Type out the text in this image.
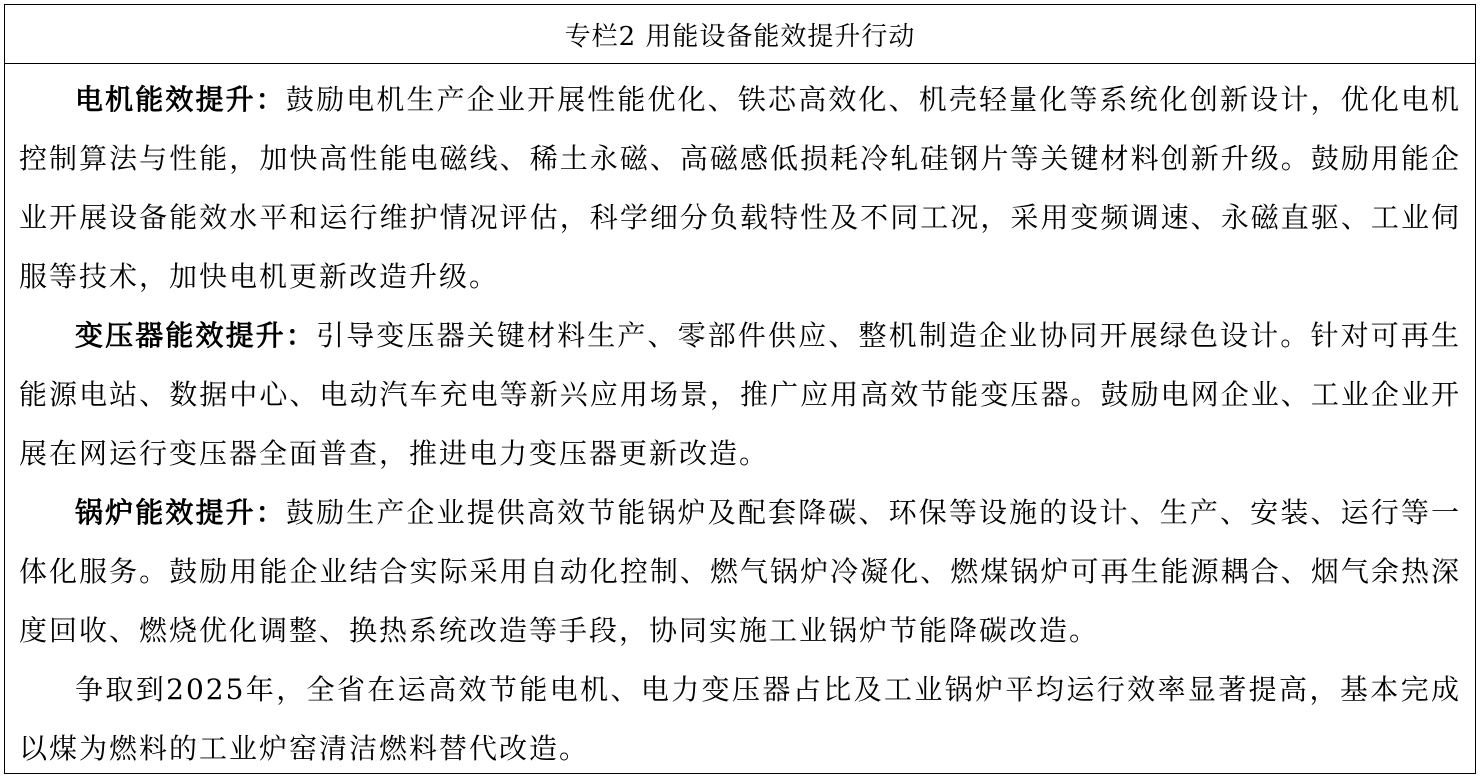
专栏2 用能设备能效提升行动

电机能效提升：鼓励电机生产企业开展性能优化、铁芯高效化、机壳轻量化等系统化创新设计，优化电机控制算法与性能，加快高性能电磁线、稀土永磁、高磁感低损耗冷轧硅钢片等关键材料创新升级。鼓励用能企业开展设备能效水平和运行维护情况评估，科学细分负载特性及不同工况，采用变频调速、永磁直驱、工业伺服等技术，加快电机更新改造升级。

变压器能效提升：引导变压器关键材料生产、零部件供应、整机制造企业协同开展绿色设计。针对可再生能源电站、数据中心、电动汽车充电等新兴应用场景，推广应用高效节能变压器。鼓励电网企业、工业企业开展在网运行变压器全面普查，推进电力变压器更新改造。

锅炉能效提升：鼓励生产企业提供高效节能锅炉及配套降碳、环保等设施的设计、生产、安装、运行等一体化服务。鼓励用能企业结合实际采用自动化控制、燃气锅炉冷凝化、燃煤锅炉可再生能源耦合、烟气余热深度回收、燃烧优化调整、换热系统改造等手段，协同实施工业锅炉节能降碳改造。

争取到2025年，全省在运高效节能电机、电力变压器占比及工业锅炉平均运行效率显著提高，基本完成以煤为燃料的工业炉窑清洁燃料替代改造。
